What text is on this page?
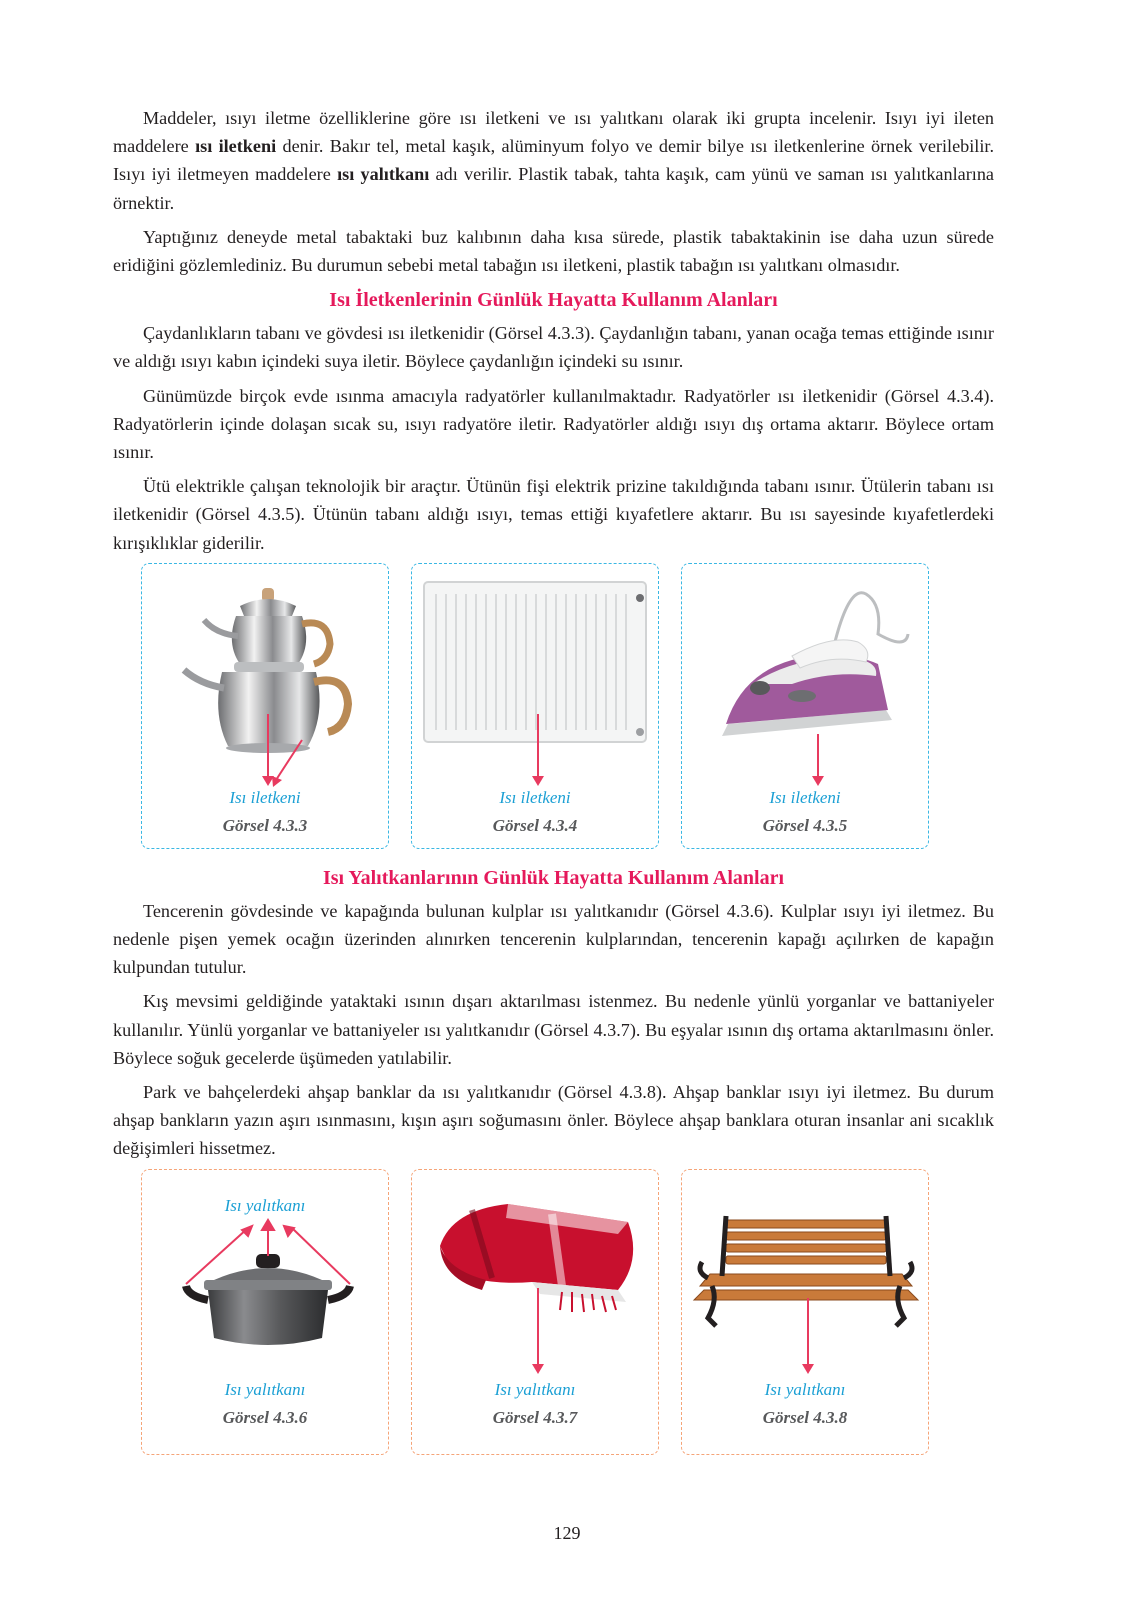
Maddeler, ısıyı iletme özelliklerine göre ısı iletkeni ve ısı yalıtkanı olarak iki grupta incelenir. Isıyı iyi ileten maddelere ısı iletkeni denir. Bakır tel, metal kaşık, alüminyum folyo ve demir bilye ısı iletkenlerine örnek verilebilir. Isıyı iyi iletmeyen maddelere ısı yalıtkanı adı verilir. Plastik tabak, tahta kaşık, cam yünü ve saman ısı yalıtkanlarına örnektir.

Yaptığınız deneyde metal tabaktaki buz kalıbının daha kısa sürede, plastik tabaktakinin ise daha uzun sürede eridiğini gözlemlediniz. Bu durumun sebebi metal tabağın ısı iletkeni, plastik tabağın ısı yalıtkanı olmasıdır.

Isı İletkenlerinin Günlük Hayatta Kullanım Alanları

Çaydanlıkların tabanı ve gövdesi ısı iletkenidir (Görsel 4.3.3). Çaydanlığın tabanı, yanan ocağa temas ettiğinde ısınır ve aldığı ısıyı kabın içindeki suya iletir. Böylece çaydanlığın içindeki su ısınır.

Günümüzde birçok evde ısınma amacıyla radyatörler kullanılmaktadır. Radyatörler ısı iletkenidir (Görsel 4.3.4). Radyatörlerin içinde dolaşan sıcak su, ısıyı radyatöre iletir. Radyatörler aldığı ısıyı dış ortama aktarır. Böylece ortam ısınır.

Ütü elektrikle çalışan teknolojik bir araçtır. Ütünün fişi elektrik prizine takıldığında tabanı ısınır. Ütülerin tabanı ısı iletkenidir (Görsel 4.3.5). Ütünün tabanı aldığı ısıyı, temas ettiği kıyafetlere aktarır. Bu ısı sayesinde kıyafetlerdeki kırışıklıklar giderilir.

Isı iletkeni
Görsel 4.3.3
Isı iletkeni
Görsel 4.3.4
Isı iletkeni
Görsel 4.3.5
Isı Yalıtkanlarının Günlük Hayatta Kullanım Alanları

Tencerenin gövdesinde ve kapağında bulunan kulplar ısı yalıtkanıdır (Görsel 4.3.6). Kulplar ısıyı iyi iletmez. Bu nedenle pişen yemek ocağın üzerinden alınırken tencerenin kulplarından, tencerenin kapağı açılırken de kapağın kulpundan tutulur.

Kış mevsimi geldiğinde yataktaki ısının dışarı aktarılması istenmez. Bu nedenle yünlü yorganlar ve battaniyeler kullanılır. Yünlü yorganlar ve battaniyeler ısı yalıtkanıdır (Görsel 4.3.7). Bu eşyalar ısının dış ortama aktarılmasını önler. Böylece soğuk gecelerde üşümeden yatılabilir.

Park ve bahçelerdeki ahşap banklar da ısı yalıtkanıdır (Görsel 4.3.8). Ahşap banklar ısıyı iyi iletmez. Bu durum ahşap bankların yazın aşırı ısınmasını, kışın aşırı soğumasını önler. Böylece ahşap banklara oturan insanlar ani sıcaklık değişimleri hissetmez.

Isı yalıtkanı
Isı yalıtkanı
Görsel 4.3.6
Isı yalıtkanı
Görsel 4.3.7
Isı yalıtkanı
Görsel 4.3.8
129
